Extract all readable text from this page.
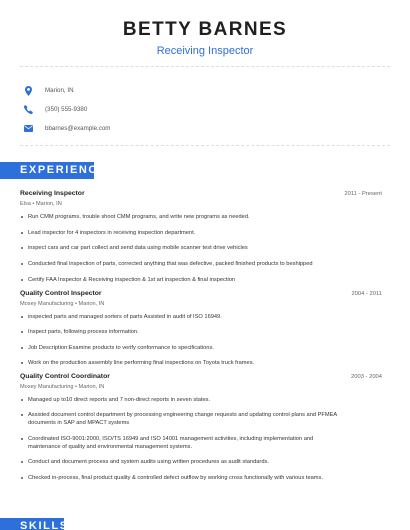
BETTY BARNES
Receiving Inspector
Marion, IN
(350) 555-9380
bbarnes@example.com
EXPERIENCE
Receiving Inspector	2011 - Present
Elsa • Marion, IN
Run CMM programs, trouble shoot CMM programs, and write new programs as needed.
Lead inspector for 4 inspectors in receiving inspection department.
inspect cars and car part collect and send data using mobile scanner test drive vehicles
Conducted final inspection of parts, corrected anything that was defective, packed finished products to beshipped
Certify FAA Inspector & Receiving inspection & 1st art inspection & final inspection
Quality Control Inspector	2004 - 2011
Mosey Manufacturing • Marion, IN
inspected parts and managed sorters of parts Assisted in audit of ISO 16949.
Inspect parts, following process information.
Job Description:Examine products to verify conformance to specifications.
Work on the production assembly line performing final inspections on Toyota truck frames.
Quality Control Coordinator	2003 - 2004
Mosey Manufacturing • Marion, IN
Managed up to10 direct reports and 7 non-direct reports in seven states.
Assisted document control department by processing engineering change requests and updating control plans and PFMEA documents in SAP and MPACT systems
Coordinated ISO-9001:2000, ISO/TS 16949 and ISO 14001 management activities, including implementation and maintenance of quality and environmental management systems.
Conduct and document process and system audits using written procedures as audit standards.
Checked in-process, final product quality & controlled defect outflow by working cross functionally with various teams.
SKILLS
